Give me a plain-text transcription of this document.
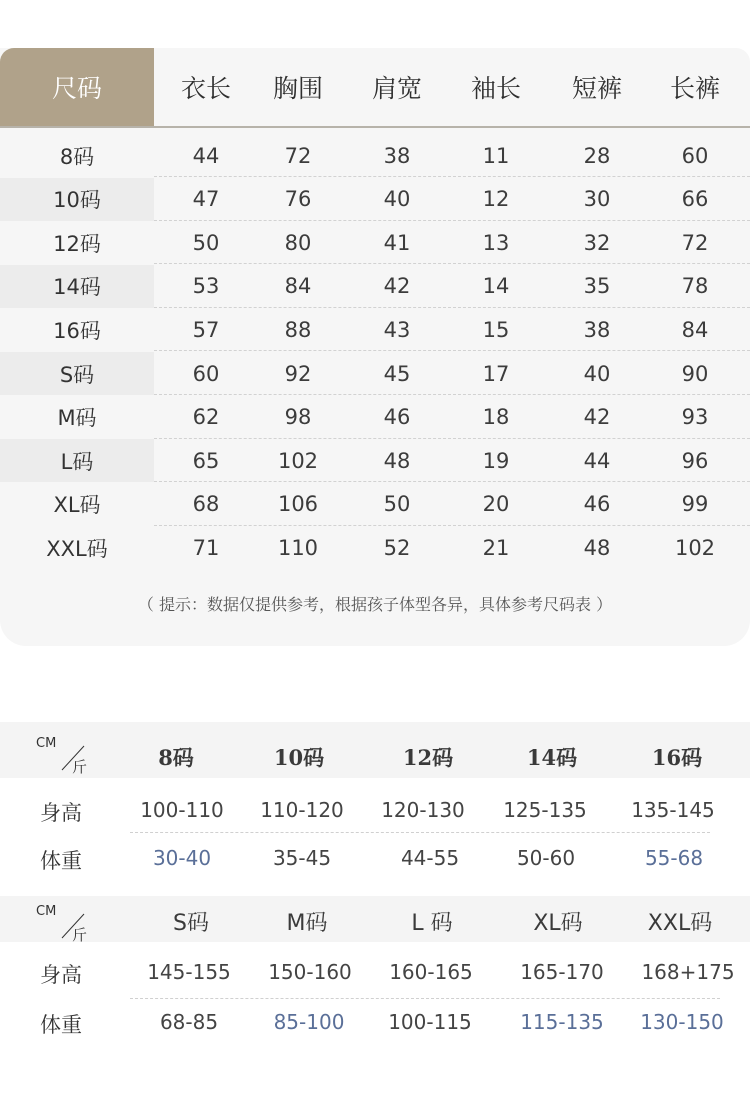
尺码	衣长	胸围	肩宽	袖长	短裤	长裤
8码	44	72	38	11	28	60
10码	47	76	40	12	30	66
12码	50	80	41	13	32	72
14码	53	84	42	14	35	78
16码	57	88	43	15	38	84
S码	60	92	45	17	40	90
M码	62	98	46	18	42	93
L码	65	102	48	19	44	96
XL码	68	106	50	20	46	99
XXL码	71	110	52	21	48	102
（ 提示：数据仅提供参考，根据孩子体型各异，具体参考尺码表 ）
CM
斤	8码	10码	12码	14码	16码
身高	100-110	110-120	120-130	125-135	135-145
体重	30-40	35-45	44-55	50-60	55-68
CM
斤	S码	M码	L 码	XL码	XXL码
身高	145-155	150-160	160-165	165-170	168+175
体重	68-85	85-100	100-115	115-135	130-150
